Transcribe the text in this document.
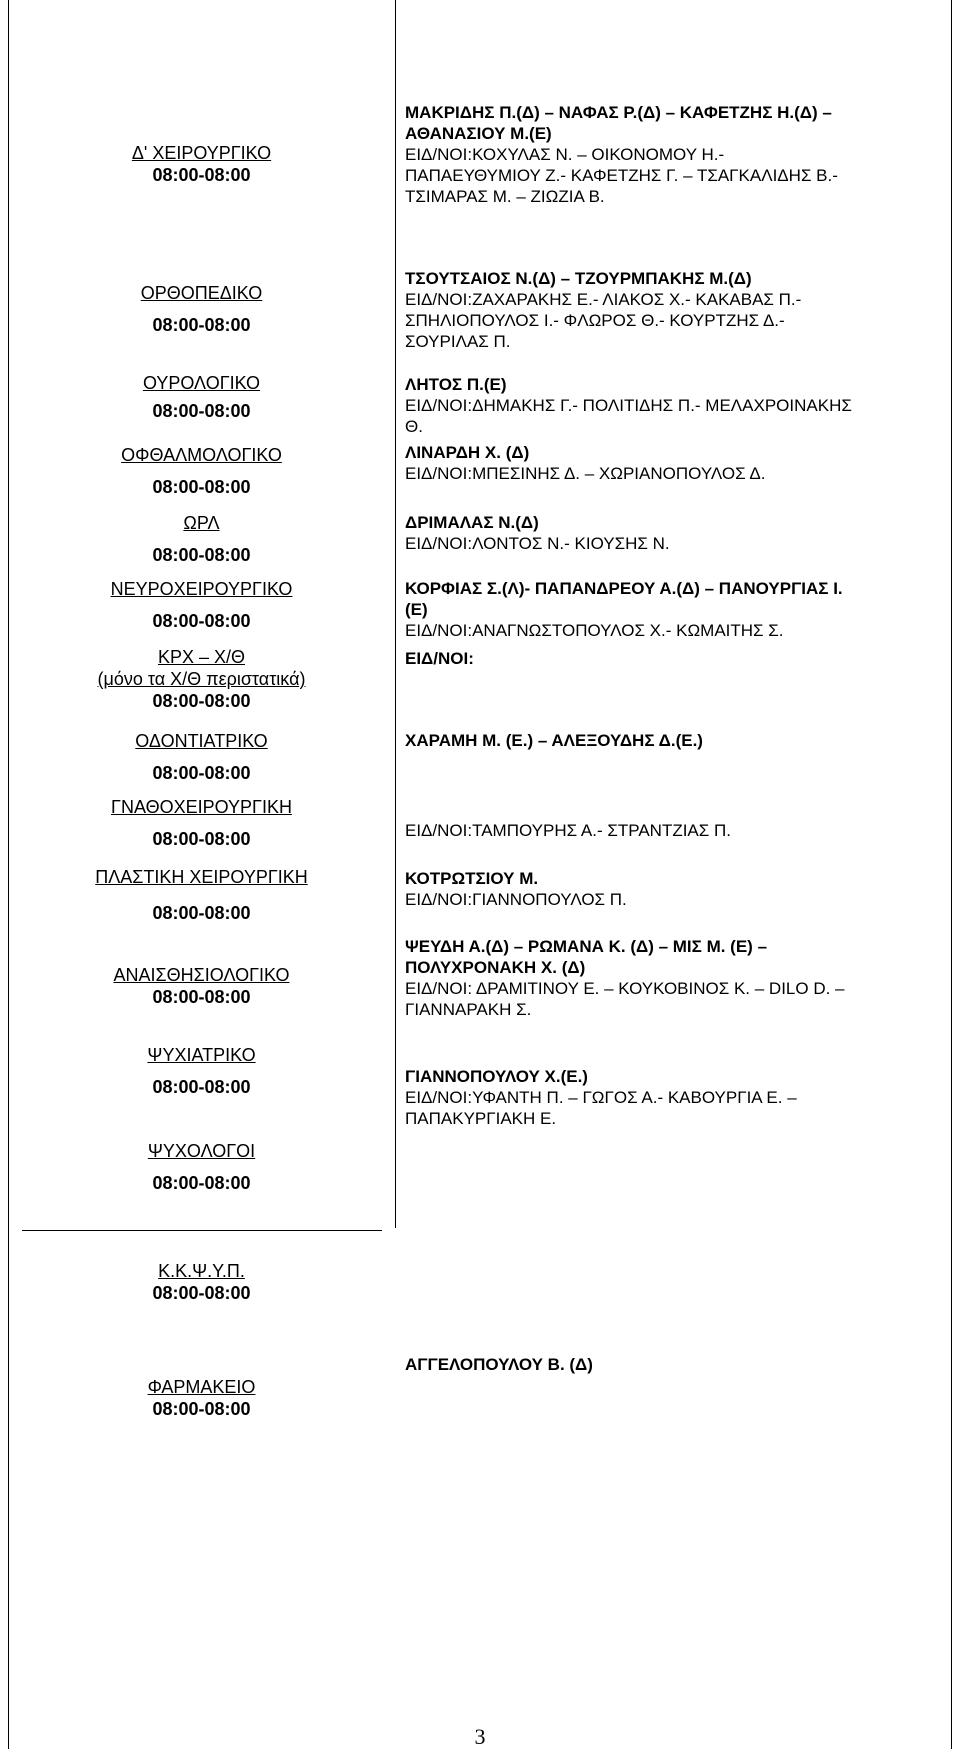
Δ' ΧΕΙΡΟΥΡΓΙΚΟ
08:00-08:00
ΜΑΚΡΙΔΗΣ Π.(Δ) – ΝΑΦΑΣ Ρ.(Δ) – ΚΑΦΕΤΖΗΣ Η.(Δ) –
ΑΘΑΝΑΣΙΟΥ Μ.(Ε)
ΕΙΔ/ΝΟΙ:ΚΟΧΥΛΑΣ Ν. – ΟΙΚΟΝΟΜΟΥ Η.-
ΠΑΠΑΕΥΘΥΜΙΟΥ Ζ.- ΚΑΦΕΤΖΗΣ Γ. – ΤΣΑΓΚΑΛΙΔΗΣ Β.-
ΤΣΙΜΑΡΑΣ Μ. – ΖΙΩΖΙΑ Β.
ΟΡΘΟΠΕΔΙΚΟ
08:00-08:00
ΤΣΟΥΤΣΑΙΟΣ Ν.(Δ) – ΤΖΟΥΡΜΠΑΚΗΣ Μ.(Δ)
ΕΙΔ/ΝΟΙ:ΖΑΧΑΡΑΚΗΣ Ε.- ΛΙΑΚΟΣ Χ.- ΚΑΚΑΒΑΣ Π.-
ΣΠΗΛΙΟΠΟΥΛΟΣ Ι.- ΦΛΩΡΟΣ Θ.- ΚΟΥΡΤΖΗΣ Δ.-
ΣΟΥΡΙΛΑΣ Π.
ΟΥΡΟΛΟΓΙΚΟ
08:00-08:00
ΛΗΤΟΣ Π.(Ε)
ΕΙΔ/ΝΟΙ:ΔΗΜΑΚΗΣ Γ.- ΠΟΛΙΤΙΔΗΣ Π.- ΜΕΛΑΧΡΟΙΝΑΚΗΣ
Θ.
ΟΦΘΑΛΜΟΛΟΓΙΚΟ
08:00-08:00
ΛΙΝΑΡΔΗ Χ. (Δ)
ΕΙΔ/ΝΟΙ:ΜΠΕΣΙΝΗΣ Δ. – ΧΩΡΙΑΝΟΠΟΥΛΟΣ Δ.
ΩΡΛ
08:00-08:00
ΔΡΙΜΑΛΑΣ Ν.(Δ)
ΕΙΔ/ΝΟΙ:ΛΟΝΤΟΣ Ν.- ΚΙΟΥΣΗΣ Ν.
ΝΕΥΡΟΧΕΙΡΟΥΡΓΙΚΟ
08:00-08:00
ΚΟΡΦΙΑΣ Σ.(Λ)- ΠΑΠΑΝΔΡΕΟΥ Α.(Δ) – ΠΑΝΟΥΡΓΙΑΣ Ι.
(Ε)
ΕΙΔ/ΝΟΙ:ΑΝΑΓΝΩΣΤΟΠΟΥΛΟΣ Χ.- ΚΩΜΑΙΤΗΣ Σ.
ΚΡΧ – Χ/Θ
(μόνο τα Χ/Θ περιστατικά)
08:00-08:00
ΕΙΔ/ΝΟΙ:
ΟΔΟΝΤΙΑΤΡΙΚΟ
08:00-08:00
ΧΑΡΑΜΗ Μ. (Ε.) – ΑΛΕΞΟΥΔΗΣ Δ.(Ε.)
ΓΝΑΘΟΧΕΙΡΟΥΡΓΙΚΗ
08:00-08:00	ΕΙΔ/ΝΟΙ:ΤΑΜΠΟΥΡΗΣ Α.- ΣΤΡΑΝΤΖΙΑΣ Π.
ΠΛΑΣΤΙΚΗ ΧΕΙΡΟΥΡΓΙΚΗ
08:00-08:00
ΚΟΤΡΩΤΣΙΟΥ Μ.
ΕΙΔ/ΝΟΙ:ΓΙΑΝΝΟΠΟΥΛΟΣ Π.
ΑΝΑΙΣΘΗΣΙΟΛΟΓΙΚΟ
08:00-08:00
ΨΕΥΔΗ Α.(Δ) – ΡΩΜΑΝΑ Κ. (Δ) – ΜΙΣ Μ. (Ε) –
ΠΟΛΥΧΡΟΝΑΚΗ Χ. (Δ)
ΕΙΔ/ΝΟΙ: ΔΡΑΜΙΤΙΝΟΥ Ε. – ΚΟΥΚΟΒΙΝΟΣ Κ. – DILO D. –
ΓΙΑΝΝΑΡΑΚΗ Σ.
ΨΥΧΙΑΤΡΙΚΟ
08:00-08:00
ΓΙΑΝΝΟΠΟΥΛΟΥ Χ.(Ε.)
ΕΙΔ/ΝΟΙ:ΥΦΑΝΤΗ Π. – ΓΩΓΟΣ Α.- ΚΑΒΟΥΡΓΙΑ Ε. –
ΠΑΠΑΚΥΡΓΙΑΚΗ Ε.
ΨΥΧΟΛΟΓΟΙ
08:00-08:00
Κ.Κ.Ψ.Υ.Π.
08:00-08:00
ΦΑΡΜΑΚΕΙΟ
08:00-08:00
ΑΓΓΕΛΟΠΟΥΛΟΥ Β. (Δ)
3
